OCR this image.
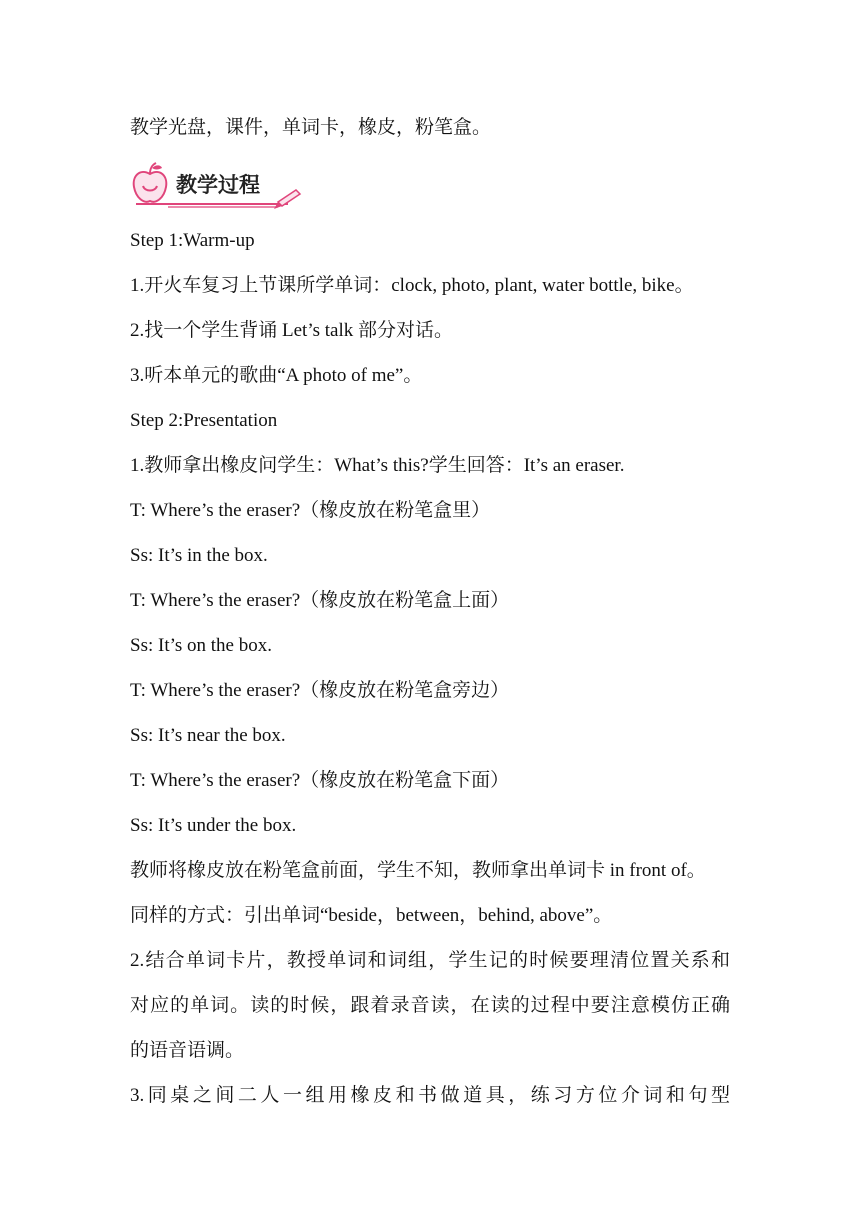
教学光盘，课件，单词卡，橡皮，粉笔盒。
教学过程
Step 1:Warm-up
1.开火车复习上节课所学单词：clock, photo, plant, water bottle, bike。
2.找一个学生背诵 Let’s talk 部分对话。
3.听本单元的歌曲“A photo of me”。
Step 2:Presentation
1.教师拿出橡皮问学生：What’s this?学生回答：It’s an eraser.
T: Where’s the eraser?（橡皮放在粉笔盒里）
Ss: It’s in the box.
T: Where’s the eraser?（橡皮放在粉笔盒上面）
Ss: It’s on the box.
T: Where’s the eraser?（橡皮放在粉笔盒旁边）
Ss: It’s near the box.
T: Where’s the eraser?（橡皮放在粉笔盒下面）
Ss: It’s under the box.
教师将橡皮放在粉笔盒前面，学生不知，教师拿出单词卡 in front of。
同样的方式：引出单词“beside，between，behind, above”。
2.结合单词卡片，教授单词和词组，学生记的时候要理清位置关系和
对应的单词。读的时候，跟着录音读，在读的过程中要注意模仿正确
的语音语调。
3.同桌之间二人一组用橡皮和书做道具，练习方位介词和句型
